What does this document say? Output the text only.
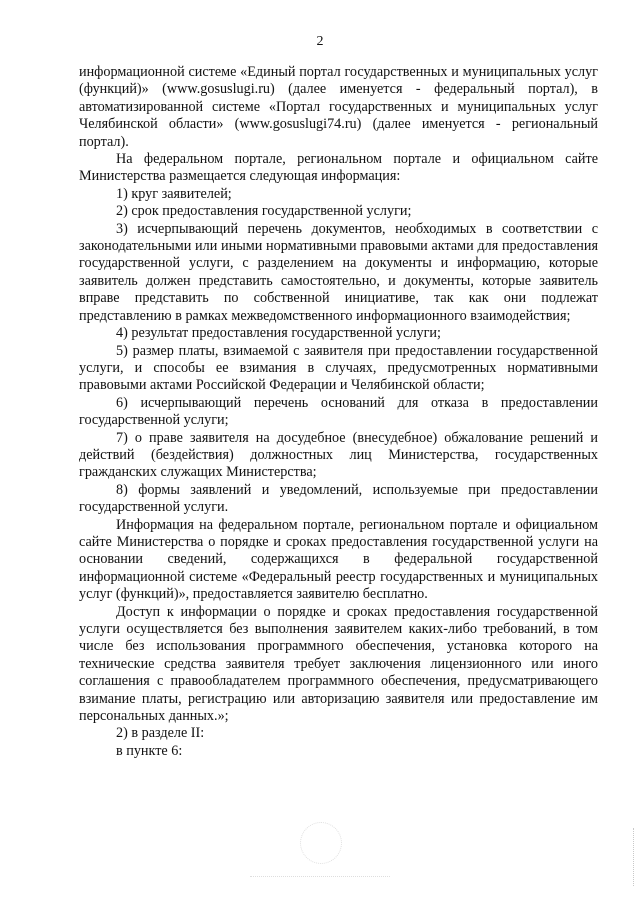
2

информационной системе «Единый портал государственных и муниципальных услуг (функций)» (www.gosuslugi.ru) (далее именуется - федеральный портал), в автоматизированной системе «Портал государственных и муниципальных услуг Челябинской области» (www.gosuslugi74.ru) (далее именуется - региональный портал).

На федеральном портале, региональном портале и официальном сайте Министерства размещается следующая информация:

1) круг заявителей;

2) срок предоставления государственной услуги;

3) исчерпывающий перечень документов, необходимых в соответствии с законодательными или иными нормативными правовыми актами для предоставления государственной услуги, с разделением на документы и информацию, которые заявитель должен представить самостоятельно, и документы, которые заявитель вправе представить по собственной инициативе, так как они подлежат представлению в рамках межведомственного информационного взаимодействия;

4) результат предоставления государственной услуги;

5) размер платы, взимаемой с заявителя при предоставлении государственной услуги, и способы ее взимания в случаях, предусмотренных нормативными правовыми актами Российской Федерации и Челябинской области;

6) исчерпывающий перечень оснований для отказа в предоставлении государственной услуги;

7) о праве заявителя на досудебное (внесудебное) обжалование решений и действий (бездействия) должностных лиц Министерства, государственных гражданских служащих Министерства;

8) формы заявлений и уведомлений, используемые при предоставлении государственной услуги.

Информация на федеральном портале, региональном портале и официальном сайте Министерства о порядке и сроках предоставления государственной услуги на основании сведений, содержащихся в федеральной государственной информационной системе «Федеральный реестр государственных и муниципальных услуг (функций)», предоставляется заявителю бесплатно.

Доступ к информации о порядке и сроках предоставления государственной услуги осуществляется без выполнения заявителем каких-либо требований, в том числе без использования программного обеспечения, установка которого на технические средства заявителя требует заключения лицензионного или иного соглашения с правообладателем программного обеспечения, предусматривающего взимание платы, регистрацию или авторизацию заявителя или предоставление им персональных данных.»;

2) в разделе II:

в пункте 6:
